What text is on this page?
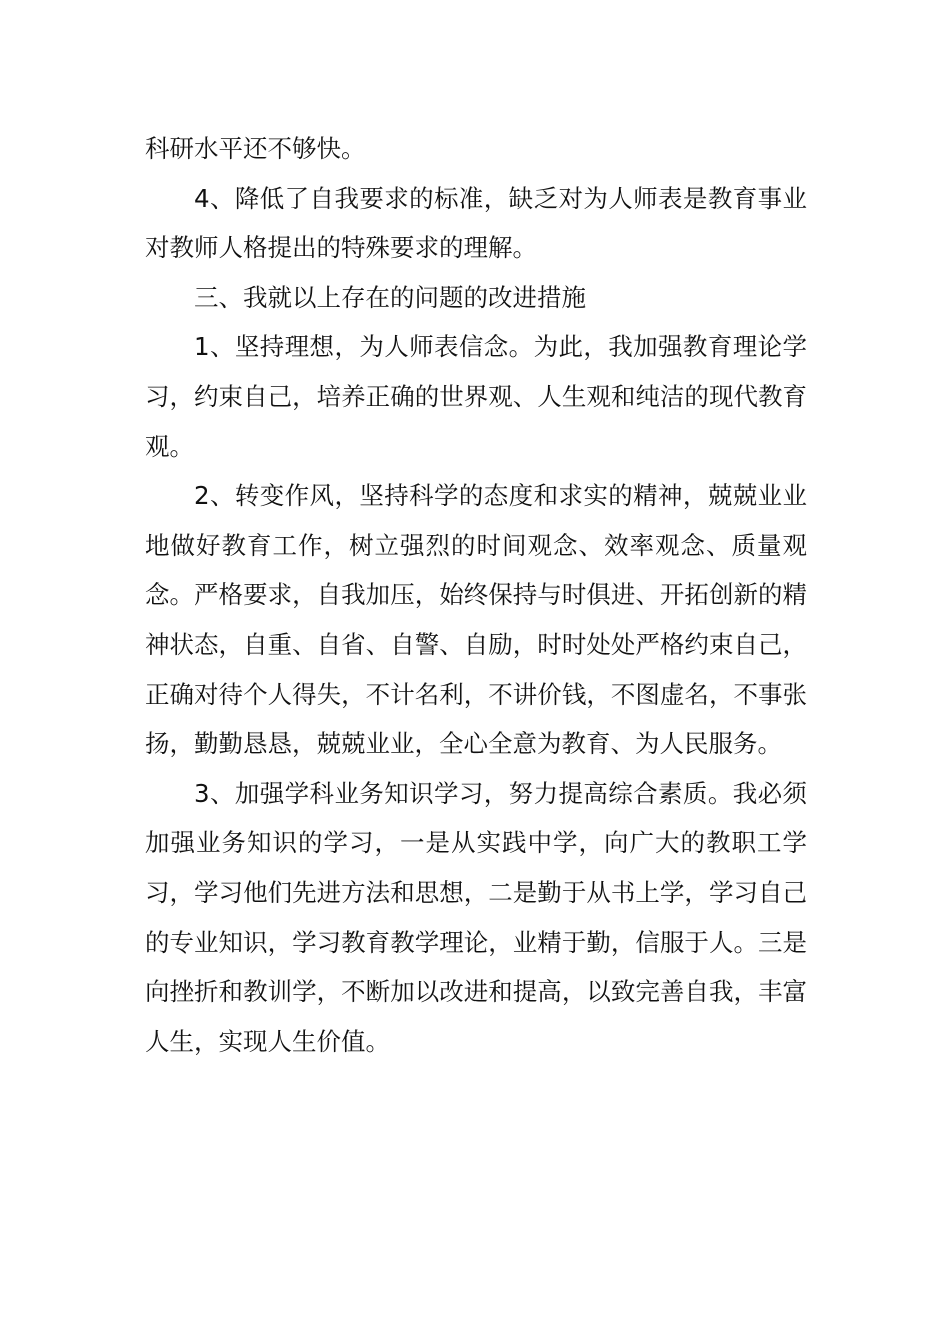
科研水平还不够快。

4、降低了自我要求的标准，缺乏对为人师表是教育事业对教师人格提出的特殊要求的理解。

三、我就以上存在的问题的改进措施

1、坚持理想，为人师表信念。为此，我加强教育理论学习，约束自己，培养正确的世界观、人生观和纯洁的现代教育观。

2、转变作风，坚持科学的态度和求实的精神，兢兢业业地做好教育工作，树立强烈的时间观念、效率观念、质量观念。严格要求，自我加压，始终保持与时俱进、开拓创新的精神状态，自重、自省、自警、自励，时时处处严格约束自己，正确对待个人得失，不计名利，不讲价钱，不图虚名，不事张扬，勤勤恳恳，兢兢业业，全心全意为教育、为人民服务。

3、加强学科业务知识学习，努力提高综合素质。我必须加强业务知识的学习，一是从实践中学，向广大的教职工学习，学习他们先进方法和思想，二是勤于从书上学，学习自己的专业知识，学习教育教学理论，业精于勤，信服于人。三是向挫折和教训学，不断加以改进和提高，以致完善自我，丰富人生，实现人生价值。
